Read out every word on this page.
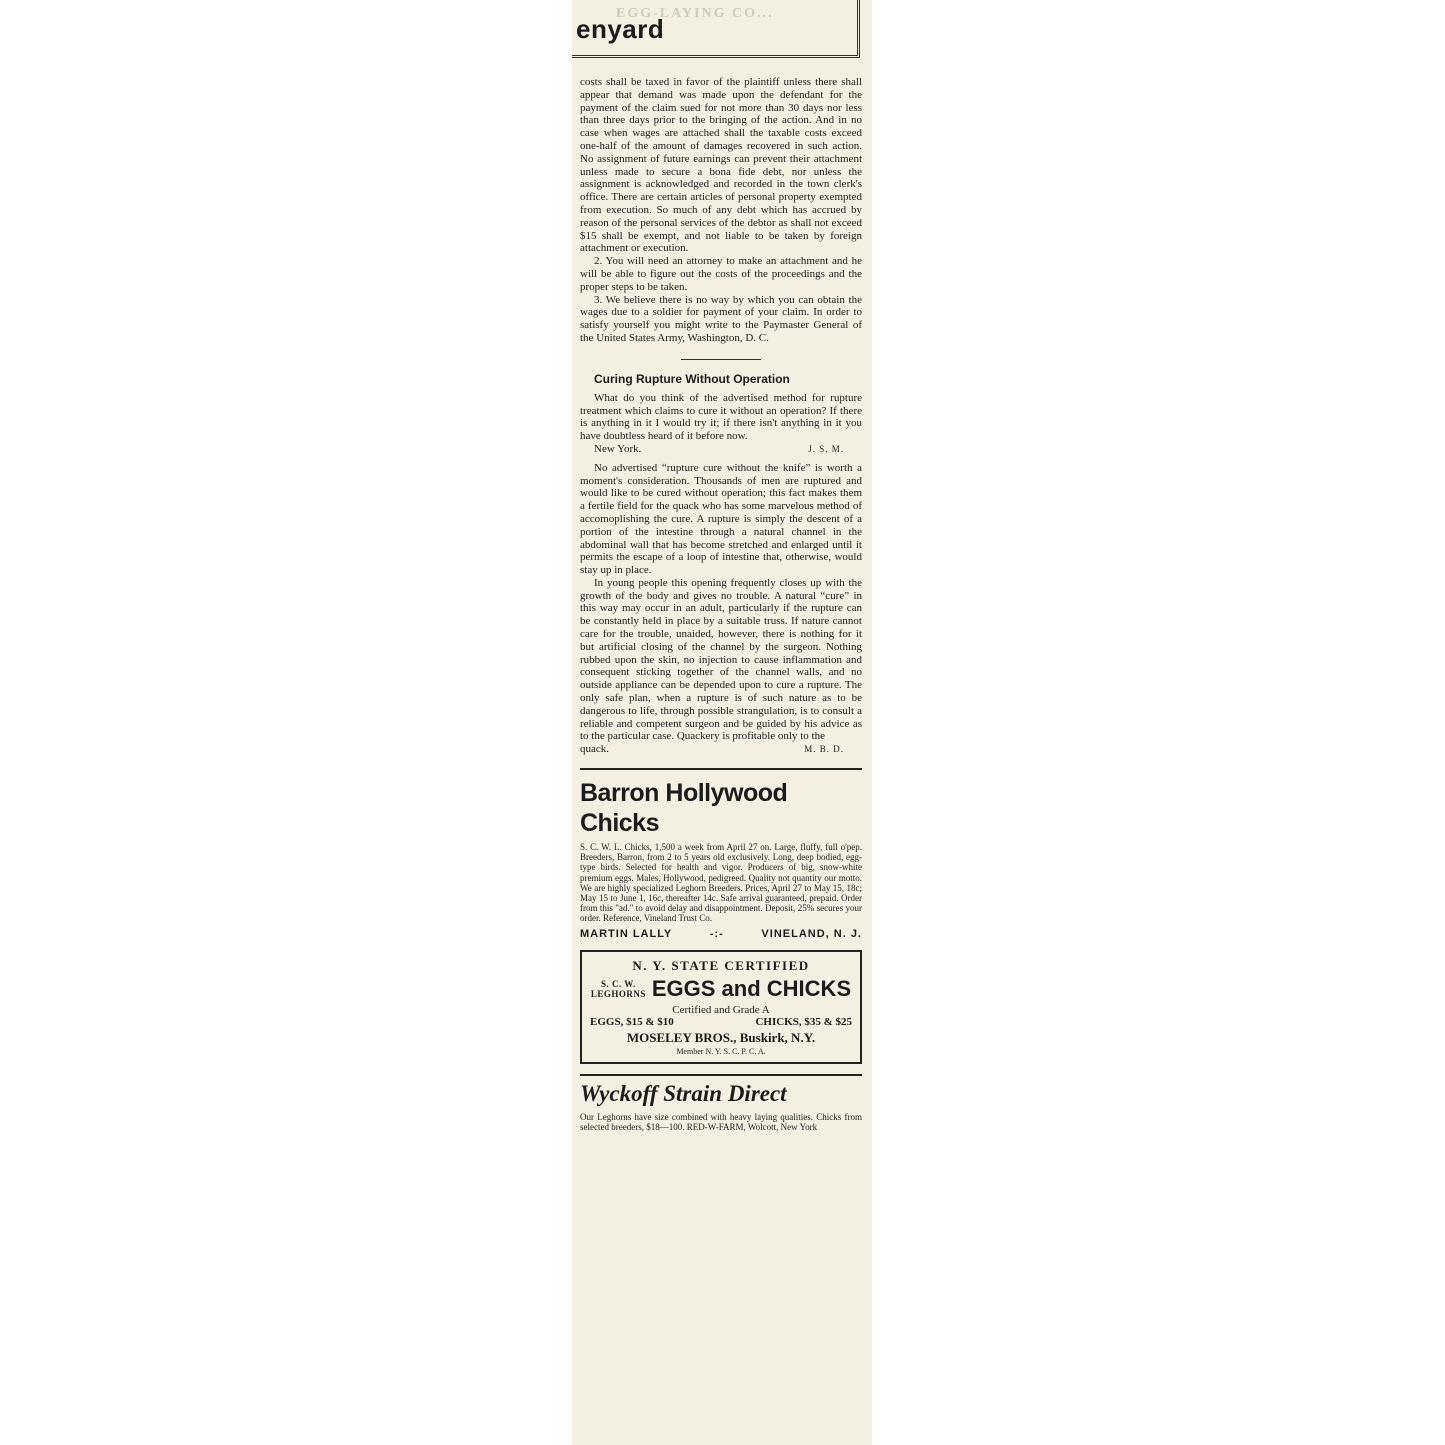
EGG-LAYING CO...
enyard

costs shall be taxed in favor of the plaintiff unless there shall appear that demand was made upon the defendant for the payment of the claim sued for not more than 30 days nor less than three days prior to the bringing of the action. And in no case when wages are attached shall the taxable costs exceed one-half of the amount of damages recovered in such action. No assignment of future earnings can prevent their attachment unless made to secure a bona fide debt, nor unless the assignment is acknowledged and recorded in the town clerk's office. There are certain articles of personal property exempted from execution. So much of any debt which has accrued by reason of the personal services of the debtor as shall not exceed $15 shall be exempt, and not liable to be taken by foreign attachment or execution.

2. You will need an attorney to make an attachment and he will be able to figure out the costs of the proceedings and the proper steps to be taken.

3. We believe there is no way by which you can obtain the wages due to a soldier for payment of your claim. In order to satisfy yourself you might write to the Paymaster General of the United States Army, Washington, D. C.

Curing Rupture Without Operation

What do you think of the advertised method for rupture treatment which claims to cure it without an operation? If there is anything in it I would try it; if there isn't anything in it you have doubtless heard of it before now.

New York.	J. S. M.

No advertised “rupture cure without the knife” is worth a moment's consideration. Thousands of men are ruptured and would like to be cured without operation; this fact makes them a fertile field for the quack who has some marvelous method of accomoplishing the cure. A rupture is simply the descent of a portion of the intestine through a natural channel in the abdominal wall that has become stretched and enlarged until it permits the escape of a loop of intestine that, otherwise, would stay up in place.

In young people this opening frequently closes up with the growth of the body and gives no trouble. A natural “cure” in this way may occur in an adult, particularly if the rupture can be constantly held in place by a suitable truss. If nature cannot care for the trouble, unaided, however, there is nothing for it but artificial closing of the channel by the surgeon. Nothing rubbed upon the skin, no injection to cause inflammation and consequent sticking together of the channel walls, and no outside appliance can be depended upon to cure a rupture. The only safe plan, when a rupture is of such nature as to be dangerous to life, through possible strangulation, is to consult a reliable and competent surgeon and be guided by his advice as to the particular case. Quackery is profitable only to the

quack.	M. B. D.
Barron Hollywood Chicks
S. C. W. L. Chicks, 1,500 a week from April 27 on. Large, fluffy, full o'pep. Breeders, Barron, from 2 to 5 years old exclusively. Long, deep bodied, egg-type birds. Selected for health and vigor. Producers of big, snow-white premium eggs. Males, Hollywood, pedigreed. Quality not quantity our motto. We are highly specialized Leghorn Breeders. Prices, April 27 to May 15, 18c; May 15 to June 1, 16c, thereafter 14c. Safe arrival guaranteed, prepaid. Order from this "ad." to avoid delay and disappointment. Deposit, 25% secures your order. Reference, Vineland Trust Co.
MARTIN LALLY	-:-	VINELAND, N. J.
N. Y. STATE CERTIFIED
S. C. W.
LEGHORNS EGGS and CHICKS
Certified and Grade A
EGGS, $15 & $10	CHICKS, $35 & $25
MOSELEY BROS., Buskirk, N.Y.
Member N. Y. S. C. P. C. A.
Wyckoff Strain Direct
Our Leghorns have size combined with heavy laying qualities. Chicks from selected breeders, $18—100. RED-W-FARM, Wolcott, New York
